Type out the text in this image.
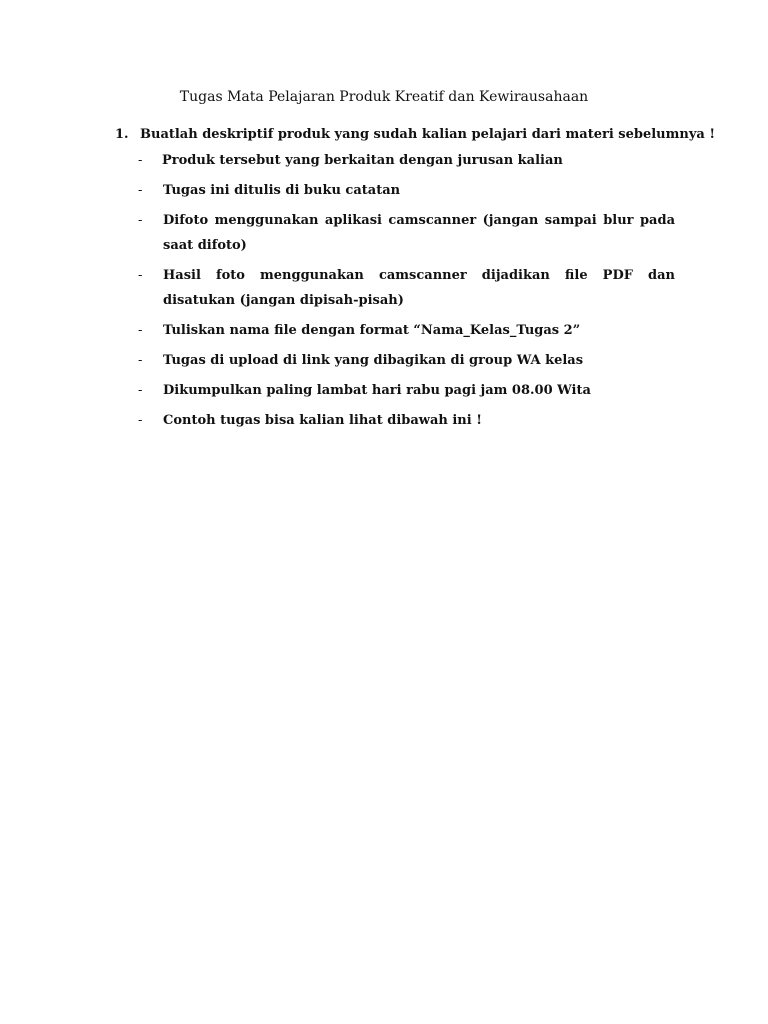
Tugas Mata Pelajaran Produk Kreatif dan Kewirausahaan
1. Buatlah deskriptif produk yang sudah kalian pelajari dari materi sebelumnya !
- Produk tersebut yang berkaitan dengan jurusan kalian
- Tugas ini ditulis di buku catatan
- Difoto menggunakan aplikasi camscanner (jangan sampai blur pada saat difoto)
- Hasil foto menggunakan camscanner dijadikan file PDF dan disatukan (jangan dipisah-pisah)
- Tuliskan nama file dengan format “Nama_Kelas_Tugas 2”
- Tugas di upload di link yang dibagikan di group WA kelas
- Dikumpulkan paling lambat hari rabu pagi jam 08.00 Wita
- Contoh tugas bisa kalian lihat dibawah ini !
